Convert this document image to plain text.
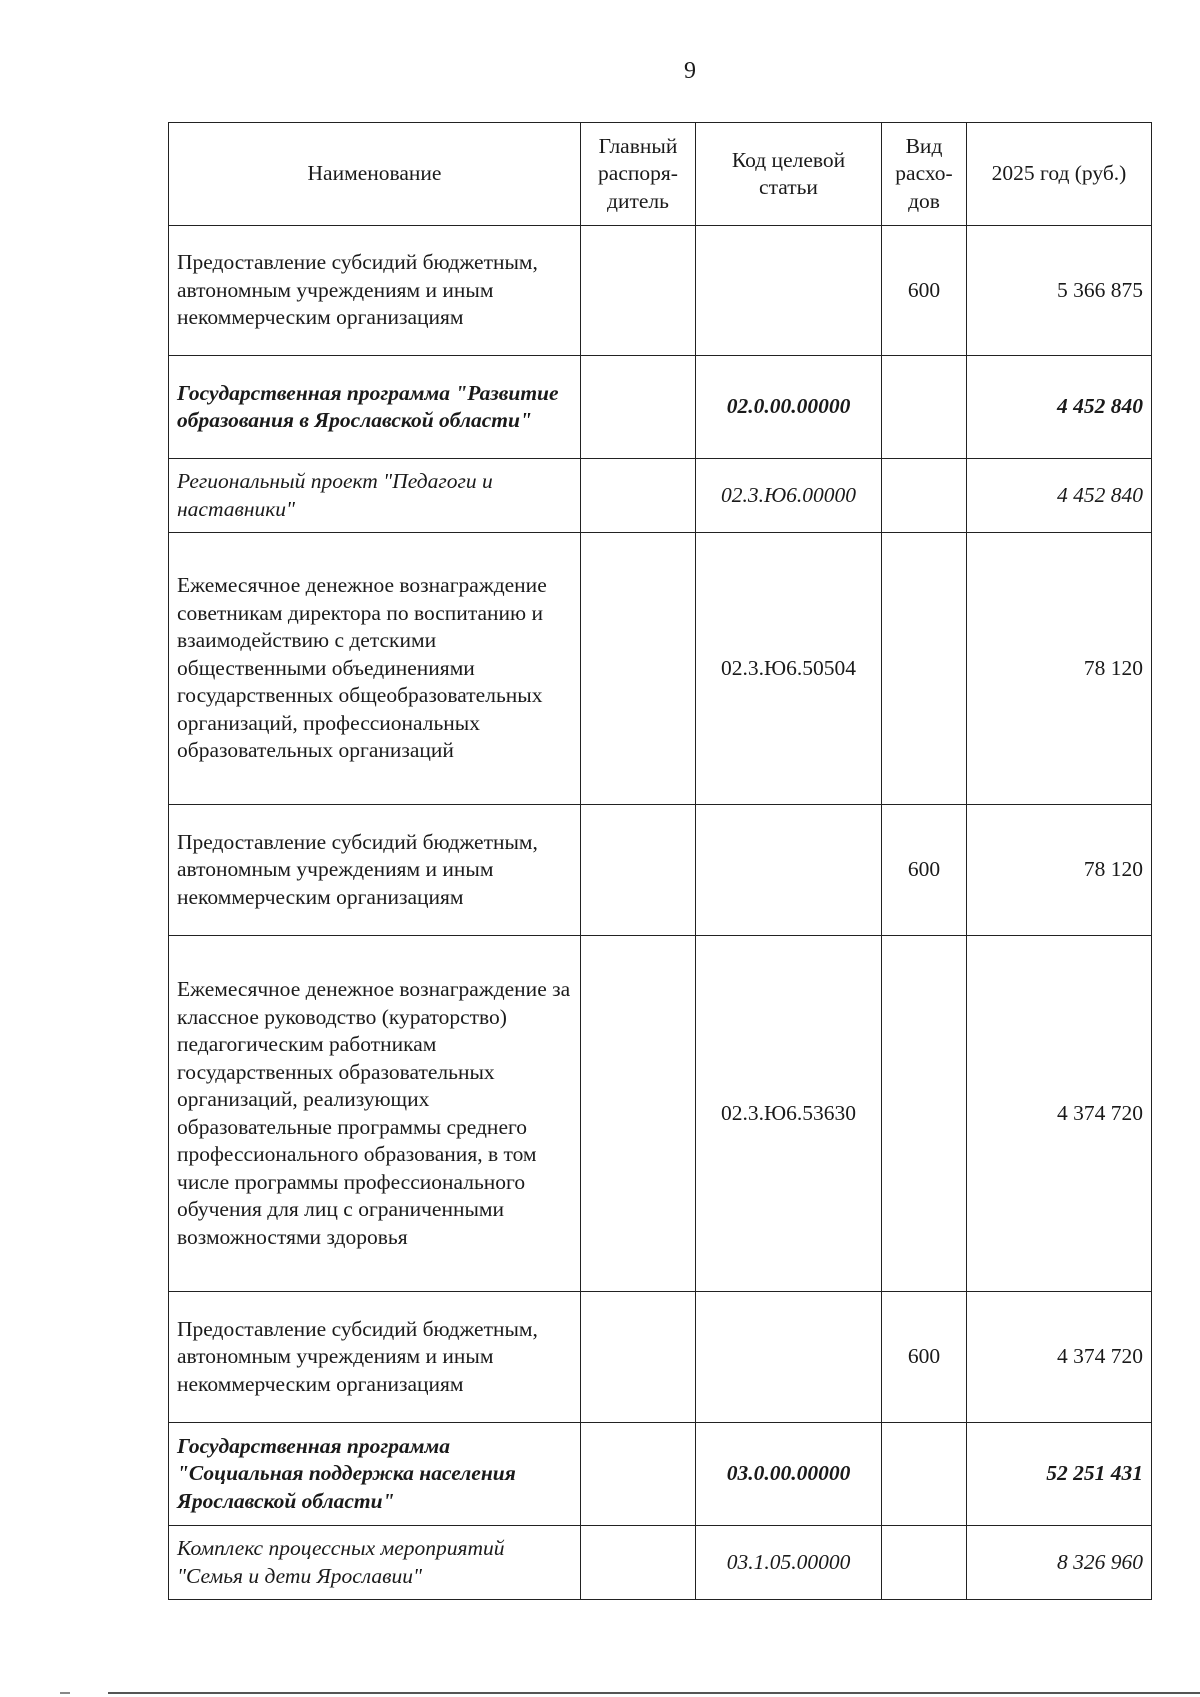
9
Наименование	Главный распоря-дитель	Код целевой статьи	Вид расхо-дов	2025 год (руб.)
Предоставление субсидий бюджетным, автономным учреждениям и иным некоммерческим организациям			600	5 366 875
Государственная программа "Развитие образования в Ярославской области"		02.0.00.00000		4 452 840
Региональный проект "Педагоги и наставники"		02.3.Ю6.00000		4 452 840
Ежемесячное денежное вознаграждение советникам директора по воспитанию и взаимодействию с детскими общественными объединениями государственных общеобразовательных организаций, профессиональных образовательных организаций		02.3.Ю6.50504		78 120
Предоставление субсидий бюджетным, автономным учреждениям и иным некоммерческим организациям			600	78 120
Ежемесячное денежное вознаграждение за классное руководство (кураторство) педагогическим работникам государственных образовательных организаций, реализующих образовательные программы среднего профессионального образования, в том числе программы профессионального обучения для лиц с ограниченными возможностями здоровья		02.3.Ю6.53630		4 374 720
Предоставление субсидий бюджетным, автономным учреждениям и иным некоммерческим организациям			600	4 374 720
Государственная программа "Социальная поддержка населения Ярославской области"		03.0.00.00000		52 251 431
Комплекс процессных мероприятий "Семья и дети Ярославии"		03.1.05.00000		8 326 960
